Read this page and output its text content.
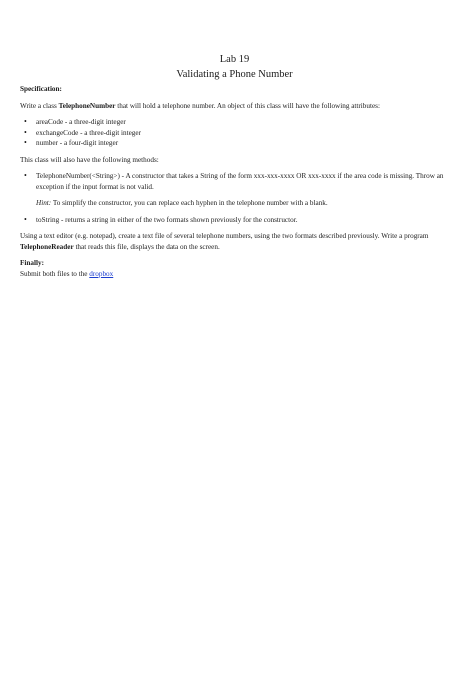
Lab 19
Validating a Phone Number
Specification:

Write a class TelephoneNumber that will hold a telephone number. An object of this class will have the following attributes:

• areaCode - a three-digit integer
• exchangeCode - a three-digit integer
• number - a four-digit integer

This class will also have the following methods:

• TelephoneNumber(<String>) - A constructor that takes a String of the form xxx-xxx-xxxx OR xxx-xxxx if the area code is missing. Throw an exception if the input format is not valid.

Hint: To simplify the constructor, you can replace each hyphen in the telephone number with a blank.

• toString - returns a string in either of the two formats shown previously for the constructor.

Using a text editor (e.g. notepad), create a text file of several telephone numbers, using the two formats described previously. Write a program TelephoneReader that reads this file, displays the data on the screen.

Finally:
Submit both files to the dropbox
